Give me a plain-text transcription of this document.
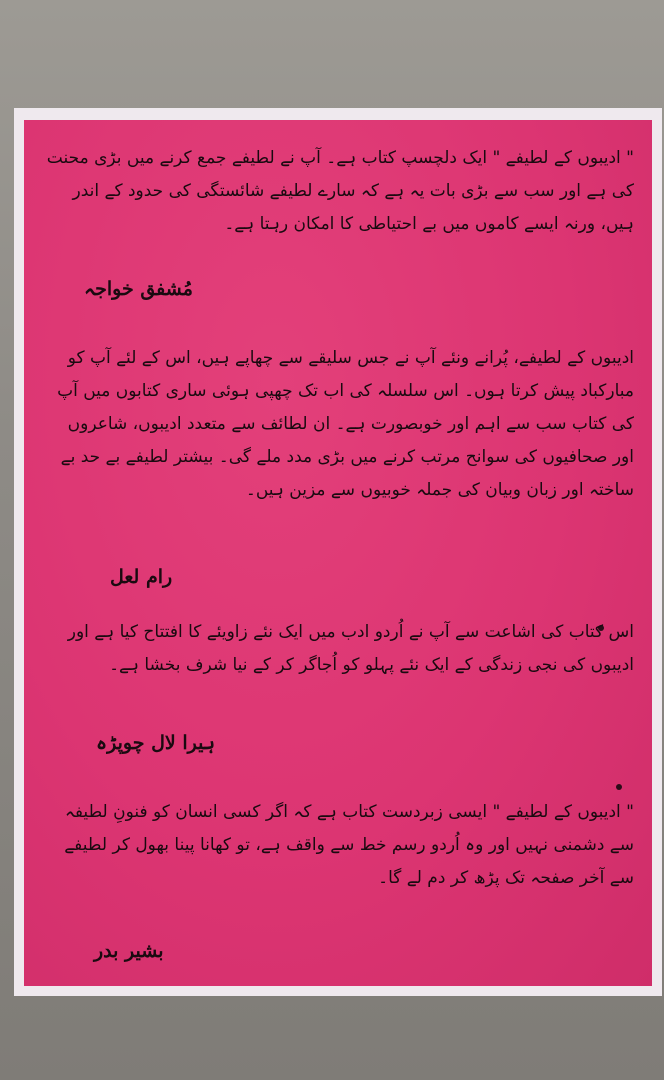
" ادیبوں کے لطیفے " ایک دلچسپ کتاب ہے۔ آپ نے لطیفے جمع کرنے میں بڑی محنت کی ہے اور سب سے بڑی بات یہ ہے کہ سارے لطیفے شائستگی کی حدود کے اندر ہیں، ورنہ ایسے کاموں میں بے احتیاطی کا امکان رہتا ہے۔

مُشفق خواجہ

ادیبوں کے لطیفے، پُرانے ونئے آپ نے جس سلیقے سے چھاپے ہیں، اس کے لئے آپ کو مبارکباد پیش کرتا ہوں۔ اس سلسلہ کی اب تک چھپی ہوئی ساری کتابوں میں آپ کی کتاب سب سے اہم اور خوبصورت ہے۔ ان لطائف سے متعدد ادیبوں، شاعروں اور صحافیوں کی سوانح مرتب کرنے میں بڑی مدد ملے گی۔ بیشتر لطیفے بے حد بے ساختہ اور زبان وبیان کی جملہ خوبیوں سے مزین ہیں۔

رام لعل

اس کتاب کی اشاعت سے آپ نے اُردو ادب میں ایک نئے زاویئے کا افتتاح کیا ہے اور ادیبوں کی نجی زندگی کے ایک نئے پہلو کو اُجاگر کر کے نیا شرف بخشا ہے۔

ہیرا لال چوپڑہ

" ادیبوں کے لطیفے " ایسی زبردست کتاب ہے کہ اگر کسی انسان کو فنونِ لطیفہ سے دشمنی نہیں اور وہ اُردو رسم خط سے واقف ہے، تو کھانا پینا بھول کر لطیفے سے آخر صفحہ تک پڑھ کر دم لے گا۔

بشیر بدر
